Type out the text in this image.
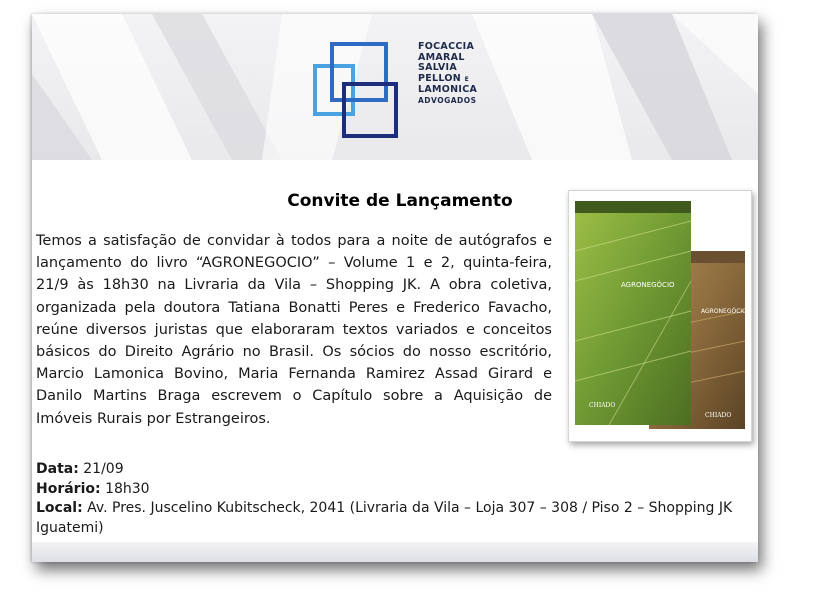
FOCACCIA
AMARAL
SALVIA
PELLON E
LAMONICA
ADVOGADOS
Convite de Lançamento

Temos a satisfação de convidar à todos para a noite de autógrafos e lançamento do livro “AGRONEGOCIO” – Volume 1 e 2, quinta-feira, 21/9 às 18h30 na Livraria da Vila – Shopping JK. A obra coletiva, organizada pela doutora Tatiana Bonatti Peres e Frederico Favacho, reúne diversos juristas que elaboraram textos variados e conceitos básicos do Direito Agrário no Brasil. Os sócios do nosso escritório, Marcio Lamonica Bovino, Maria Fernanda Ramirez Assad Girard e Danilo Martins Braga escrevem o Capítulo sobre a Aquisição de Imóveis Rurais por Estrangeiros.

AGRONEGÓCIO
AGRONEGÓCIO
CHIADO
CHIADO
Data: 21/09
Horário: 18h30
Local: Av. Pres. Juscelino Kubitscheck, 2041 (Livraria da Vila – Loja 307 – 308 / Piso 2 – Shopping JK Iguatemi)
